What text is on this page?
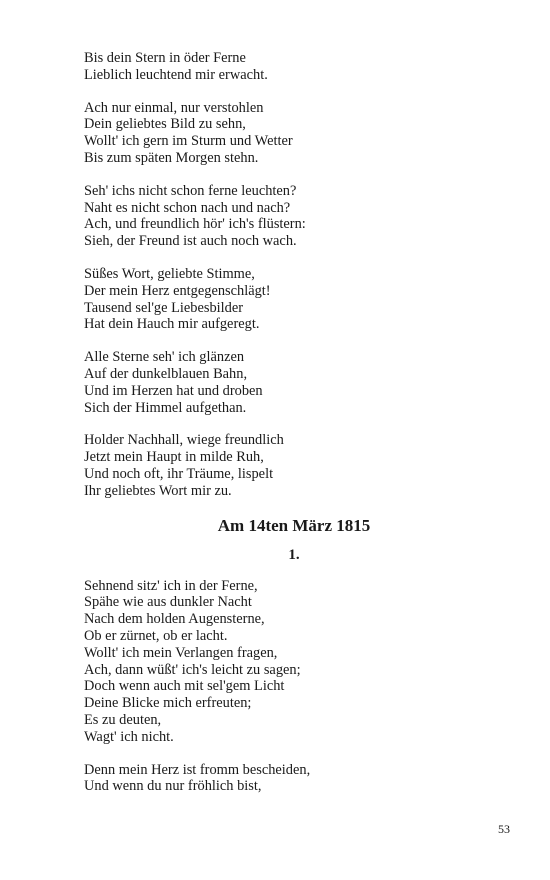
Bis dein Stern in öder Ferne
Lieblich leuchtend mir erwacht.
Ach nur einmal, nur verstohlen
Dein geliebtes Bild zu sehn,
Wollt' ich gern im Sturm und Wetter
Bis zum späten Morgen stehn.
Seh' ichs nicht schon ferne leuchten?
Naht es nicht schon nach und nach?
Ach, und freundlich hör' ich's flüstern:
Sieh, der Freund ist auch noch wach.
Süßes Wort, geliebte Stimme,
Der mein Herz entgegenschlägt!
Tausend sel'ge Liebesbilder
Hat dein Hauch mir aufgeregt.
Alle Sterne seh' ich glänzen
Auf der dunkelblauen Bahn,
Und im Herzen hat und droben
Sich der Himmel aufgethan.
Holder Nachhall, wiege freundlich
Jetzt mein Haupt in milde Ruh,
Und noch oft, ihr Träume, lispelt
Ihr geliebtes Wort mir zu.
Am 14ten März 1815
1.
Sehnend sitz' ich in der Ferne,
Spähe wie aus dunkler Nacht
Nach dem holden Augensterne,
Ob er zürnet, ob er lacht.
Wollt' ich mein Verlangen fragen,
Ach, dann wüßt' ich's leicht zu sagen;
Doch wenn auch mit sel'gem Licht
Deine Blicke mich erfreuten;
Es zu deuten,
Wagt' ich nicht.
Denn mein Herz ist fromm bescheiden,
Und wenn du nur fröhlich bist,
53
